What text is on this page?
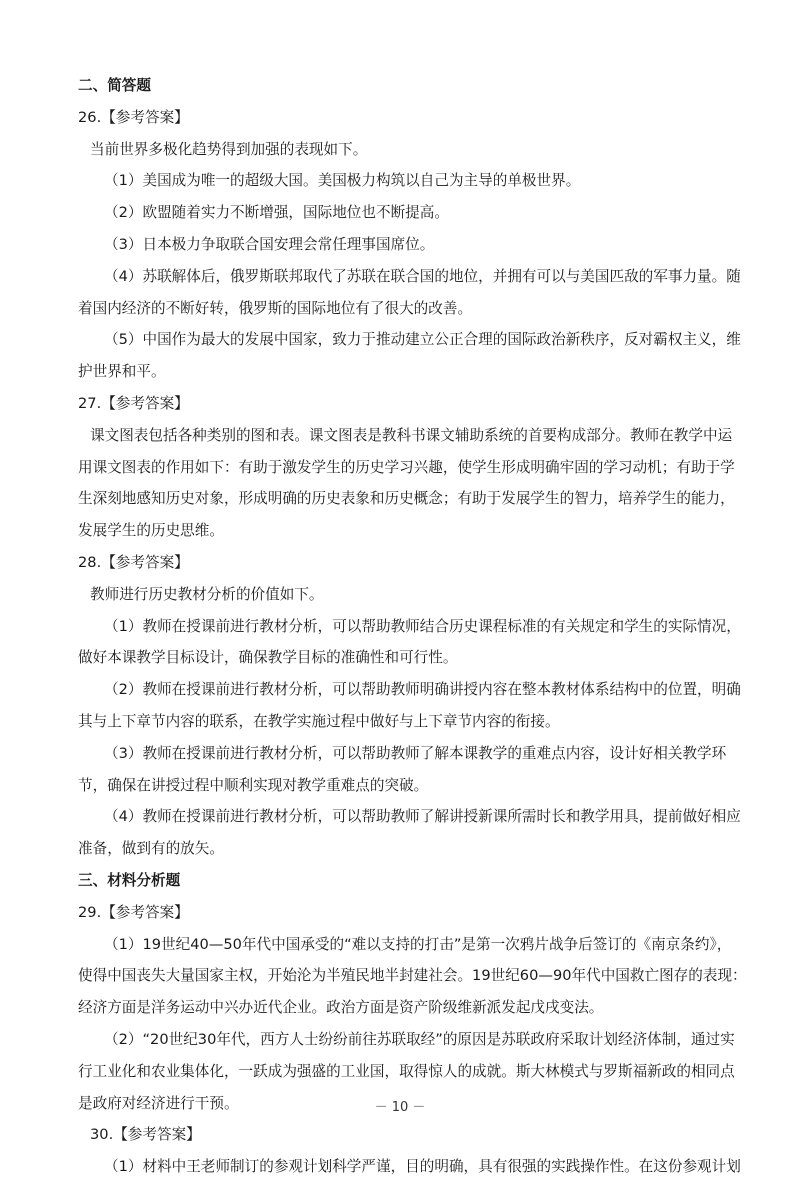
二、简答题
26.【参考答案】
当前世界多极化趋势得到加强的表现如下。
（1）美国成为唯一的超级大国。美国极力构筑以自己为主导的单极世界。
（2）欧盟随着实力不断增强，国际地位也不断提高。
（3）日本极力争取联合国安理会常任理事国席位。
（4）苏联解体后，俄罗斯联邦取代了苏联在联合国的地位，并拥有可以与美国匹敌的军事力量。随
着国内经济的不断好转，俄罗斯的国际地位有了很大的改善。
（5）中国作为最大的发展中国家，致力于推动建立公正合理的国际政治新秩序，反对霸权主义，维
护世界和平。
27.【参考答案】
课文图表包括各种类别的图和表。课文图表是教科书课文辅助系统的首要构成部分。教师在教学中运
用课文图表的作用如下：有助于激发学生的历史学习兴趣，使学生形成明确牢固的学习动机；有助于学
生深刻地感知历史对象，形成明确的历史表象和历史概念；有助于发展学生的智力，培养学生的能力，
发展学生的历史思维。
28.【参考答案】
教师进行历史教材分析的价值如下。
（1）教师在授课前进行教材分析，可以帮助教师结合历史课程标准的有关规定和学生的实际情况，
做好本课教学目标设计，确保教学目标的准确性和可行性。
（2）教师在授课前进行教材分析，可以帮助教师明确讲授内容在整本教材体系结构中的位置，明确
其与上下章节内容的联系，在教学实施过程中做好与上下章节内容的衔接。
（3）教师在授课前进行教材分析，可以帮助教师了解本课教学的重难点内容，设计好相关教学环
节，确保在讲授过程中顺利实现对教学重难点的突破。
（4）教师在授课前进行教材分析，可以帮助教师了解讲授新课所需时长和教学用具，提前做好相应
准备，做到有的放矢。
三、材料分析题
29.【参考答案】
（1）19世纪40—50年代中国承受的“难以支持的打击”是第一次鸦片战争后签订的《南京条约》，
使得中国丧失大量国家主权，开始沦为半殖民地半封建社会。19世纪60—90年代中国救亡图存的表现：
经济方面是洋务运动中兴办近代企业。政治方面是资产阶级维新派发起戊戌变法。
（2）“20世纪30年代，西方人士纷纷前往苏联取经”的原因是苏联政府采取计划经济体制，通过实
行工业化和农业集体化，一跃成为强盛的工业国，取得惊人的成就。斯大林模式与罗斯福新政的相同点
是政府对经济进行干预。
30.【参考答案】
（1）材料中王老师制订的参观计划科学严谨，目的明确，具有很强的实践操作性。在这份参观计划
－ 10 －
